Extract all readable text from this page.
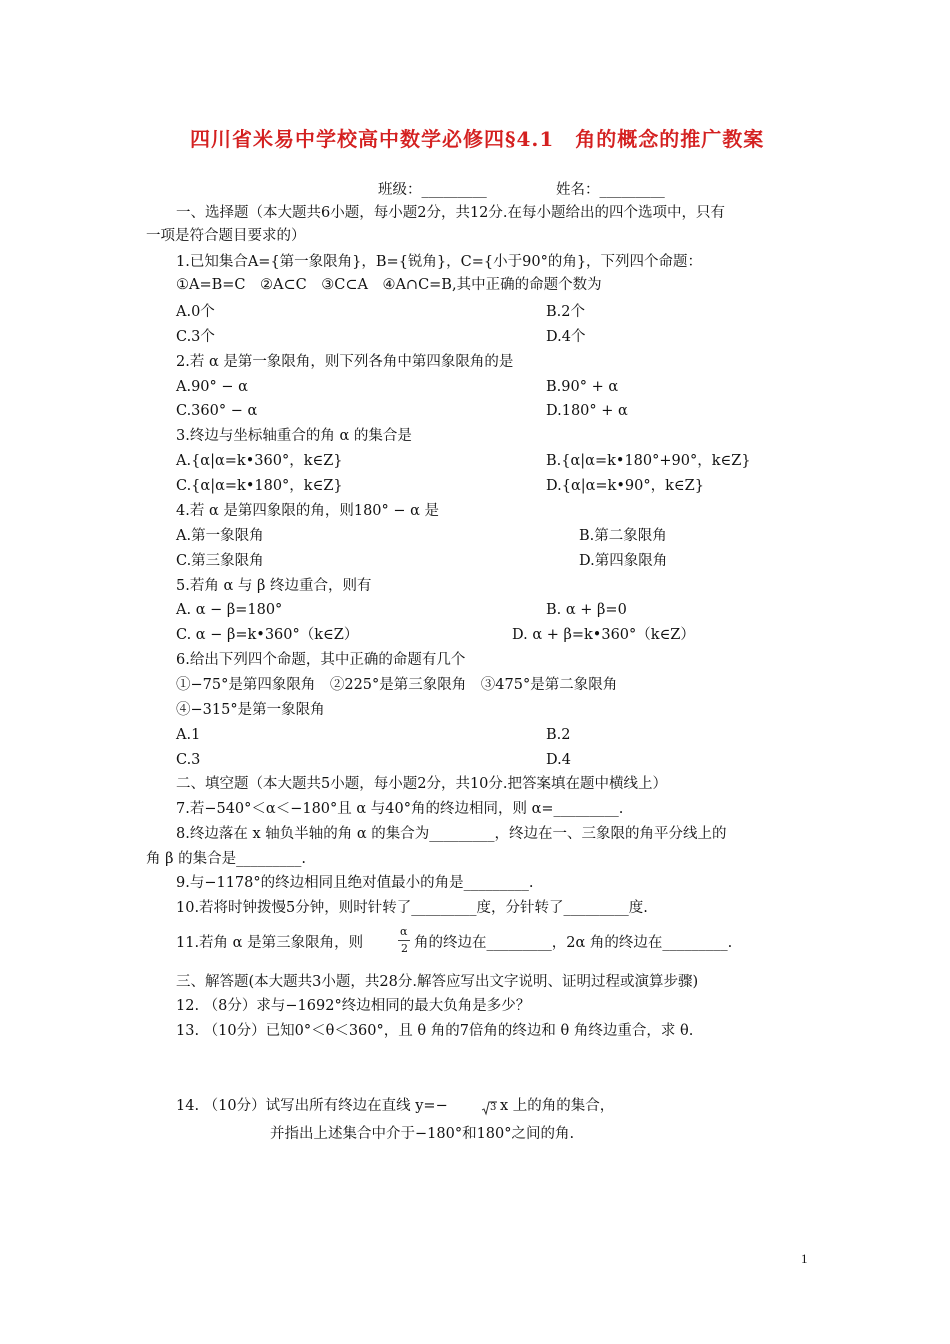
四川省米易中学校高中数学必修四§4.1　角的概念的推广教案
班级：_________	姓名：_________
一、选择题（本大题共6小题，每小题2分，共12分.在每小题给出的四个选项中，只有
一项是符合题目要求的）
1.已知集合A={第一象限角}，B={锐角}，C={小于90°的角}，下列四个命题：
①A=B=C　②A⊂C　③C⊂A　④A∩C=B,其中正确的命题个数为
A.0个	B.2个
C.3个	D.4个
2.若 α 是第一象限角，则下列各角中第四象限角的是
A.90° − α	B.90° + α
C.360° − α	D.180° + α
3.终边与坐标轴重合的角 α 的集合是
A.{α|α=k•360°，k∈Z}	B.{α|α=k•180°+90°，k∈Z}
C.{α|α=k•180°，k∈Z}	D.{α|α=k•90°，k∈Z}
4.若 α 是第四象限的角，则180° − α 是
A.第一象限角	B.第二象限角
C.第三象限角	D.第四象限角
5.若角 α 与 β 终边重合，则有
A. α − β=180°	B. α + β=0
C. α − β=k•360°（k∈Z）	D. α + β=k•360°（k∈Z）
6.给出下列四个命题，其中正确的命题有几个
①−75°是第四象限角　②225°是第三象限角　③475°是第二象限角
④−315°是第一象限角
A.1	B.2
C.3	D.4
二、填空题（本大题共5小题，每小题2分，共10分.把答案填在题中横线上）
7.若−540°＜α＜−180°且 α 与40°角的终边相同，则 α=_________.
8.终边落在 x 轴负半轴的角 α 的集合为_________，终边在一、三象限的角平分线上的
角 β 的集合是_________.
9.与−1178°的终边相同且绝对值最小的角是_________.
10.若将时钟拨慢5分钟，则时针转了_________度，分针转了_________度.
11.若角 α 是第三象限角，则
α
2 角的终边在_________，2α 角的终边在_________.
三、解答题(本大题共3小题，共28分.解答应写出文字说明、证明过程或演算步骤)
12. （8分）求与−1692°终边相同的最大负角是多少？
13. （10分）已知0°＜θ＜360°，且 θ 角的7倍角的终边和 θ 角终边重合，求 θ.
14. （10分）试写出所有终边在直线 y=−	3 x 上的角的集合，
并指出上述集合中介于−180°和180°之间的角.
1
